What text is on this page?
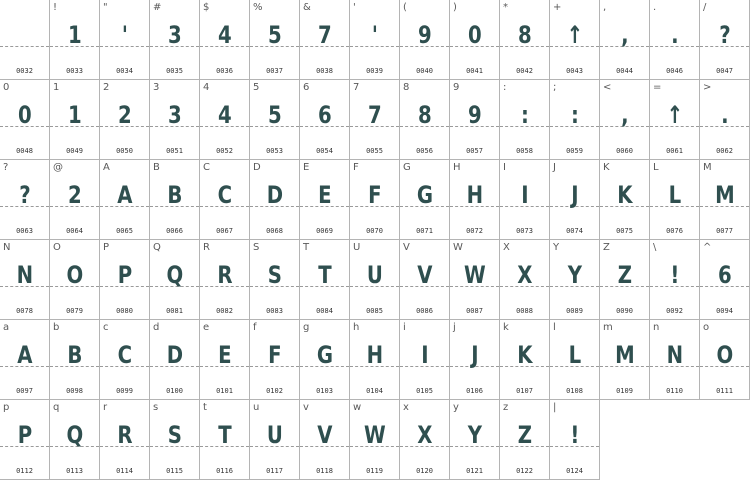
0032
!
1
0033
"
'
0034
#
3
0035
$
4
0036
%
5
0037
&
7
0038
'
'
0039
(
9
0040
)
0
0041
*
8
0042
+
↑
0043
,
,
0044
.
.
0046
/
?
0047
0
0
0048
1
1
0049
2
2
0050
3
3
0051
4
4
0052
5
5
0053
6
6
0054
7
7
0055
8
8
0056
9
9
0057
:
:
0058
;
:
0059
<
,
0060
=
↑
0061
>
.
0062
?
?
0063
@
2
0064
A
A
0065
B
B
0066
C
C
0067
D
D
0068
E
E
0069
F
F
0070
G
G
0071
H
H
0072
I
I
0073
J
J
0074
K
K
0075
L
L
0076
M
M
0077
N
N
0078
O
O
0079
P
P
0080
Q
Q
0081
R
R
0082
S
S
0083
T
T
0084
U
U
0085
V
V
0086
W
W
0087
X
X
0088
Y
Y
0089
Z
Z
0090
\
!
0092
^
6
0094
a
A
0097
b
B
0098
c
C
0099
d
D
0100
e
E
0101
f
F
0102
g
G
0103
h
H
0104
i
I
0105
j
J
0106
k
K
0107
l
L
0108
m
M
0109
n
N
0110
o
O
0111
p
P
0112
q
Q
0113
r
R
0114
s
S
0115
t
T
0116
u
U
0117
v
V
0118
w
W
0119
x
X
0120
y
Y
0121
z
Z
0122
|
!
0124
